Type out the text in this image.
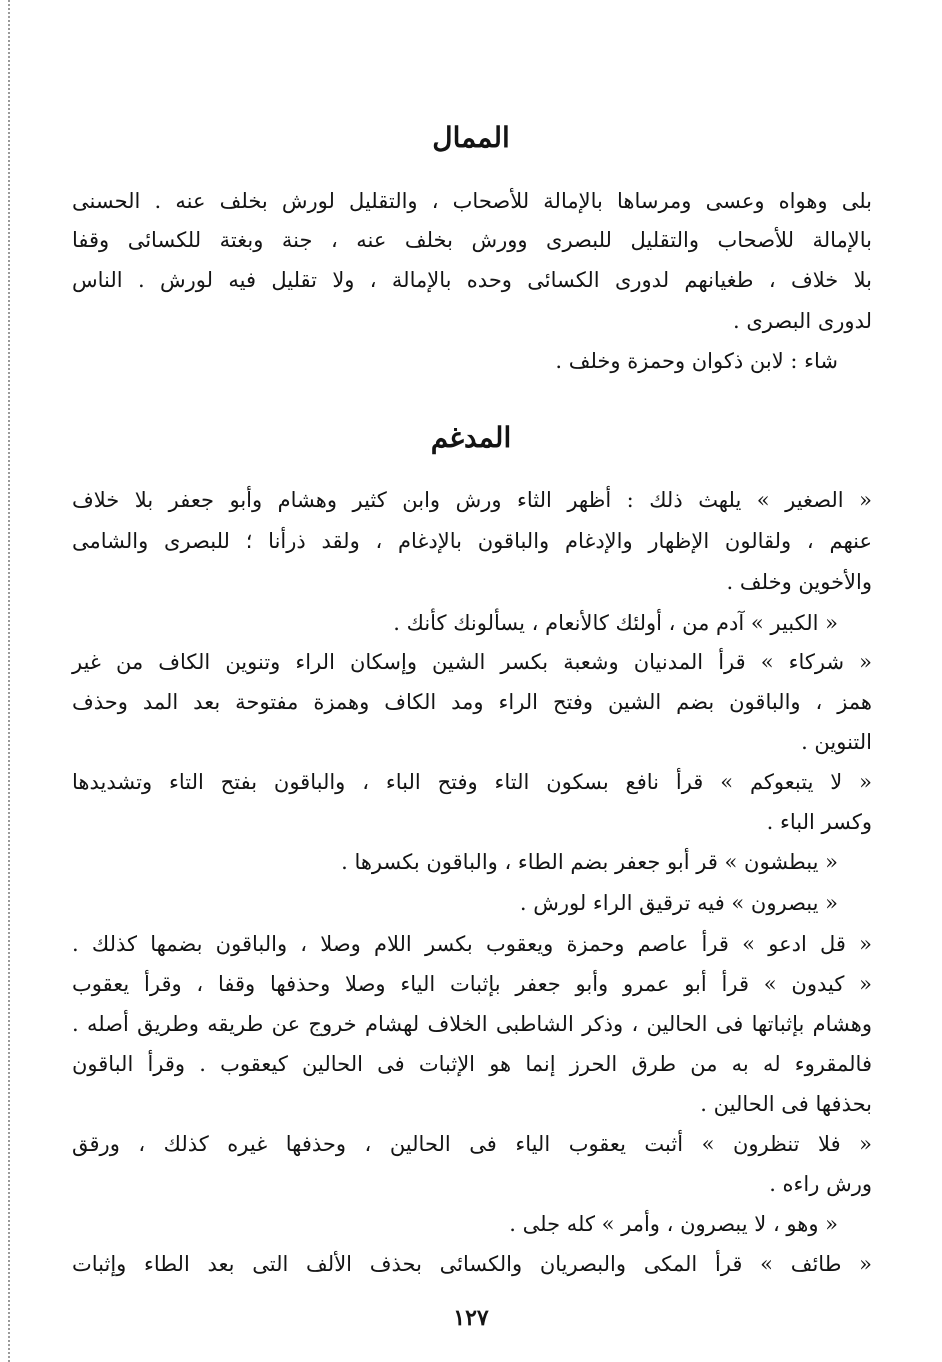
الممال
بلى وهواه وعسى ومرساها بالإمالة للأصحاب ، والتقليل لورش بخلف عنه . الحسنى
بالإمالة للأصحاب والتقليل للبصرى وورش بخلف عنه ، جنة وبغتة للكسائى وقفا
بلا خلاف ، طغيانهم لدورى الكسائى وحده بالإمالة ، ولا تقليل فيه لورش . الناس
لدورى البصرى .
شاء : لابن ذكوان وحمزة وخلف .
المدغم
« الصغير » يلهث ذلك : أظهر الثاء ورش وابن كثير وهشام وأبو جعفر بلا خلاف
عنهم ، ولقالون الإظهار والإدغام والباقون بالإدغام ، ولقد ذرأنا ؛ للبصرى والشامى
والأخوين وخلف .
« الكبير » آدم من ، أولئك كالأنعام ، يسألونك كأنك .
« شركاء » قرأ المدنيان وشعبة بكسر الشين وإسكان الراء وتنوين الكاف من غير
همز ، والباقون بضم الشين وفتح الراء ومد الكاف وهمزة مفتوحة بعد المد وحذف
التنوين .
« لا يتبعوكم » قرأ نافع بسكون التاء وفتح الباء ، والباقون بفتح التاء وتشديدها
وكسر الباء .
« يبطشون » قر أبو جعفر بضم الطاء ، والباقون بكسرها .
« يبصرون » فيه ترقيق الراء لورش .
« قل ادعو » قرأ عاصم وحمزة ويعقوب بكسر اللام وصلا ، والباقون بضمها كذلك .
« كيدون » قرأ أبو عمرو وأبو جعفر بإثبات الياء وصلا وحذفها وقفا ، وقرأ يعقوب
وهشام بإثباتها فى الحالين ، وذكر الشاطبى الخلاف لهشام خروج عن طريقه وطريق أصله .
فالمقروء له به من طرق الحرز إنما هو الإثبات فى الحالين كيعقوب . وقرأ الباقون
بحذفها فى الحالين .
« فلا تنظرون » أثبت يعقوب الياء فى الحالين ، وحذفها غيره كذلك ، ورقق
ورش راءه .
« وهو ، لا يبصرون ، وأمر » كله جلى .
« طائف » قرأ المكى والبصريان والكسائى بحذف الألف التى بعد الطاء وإثبات
١٢٧
